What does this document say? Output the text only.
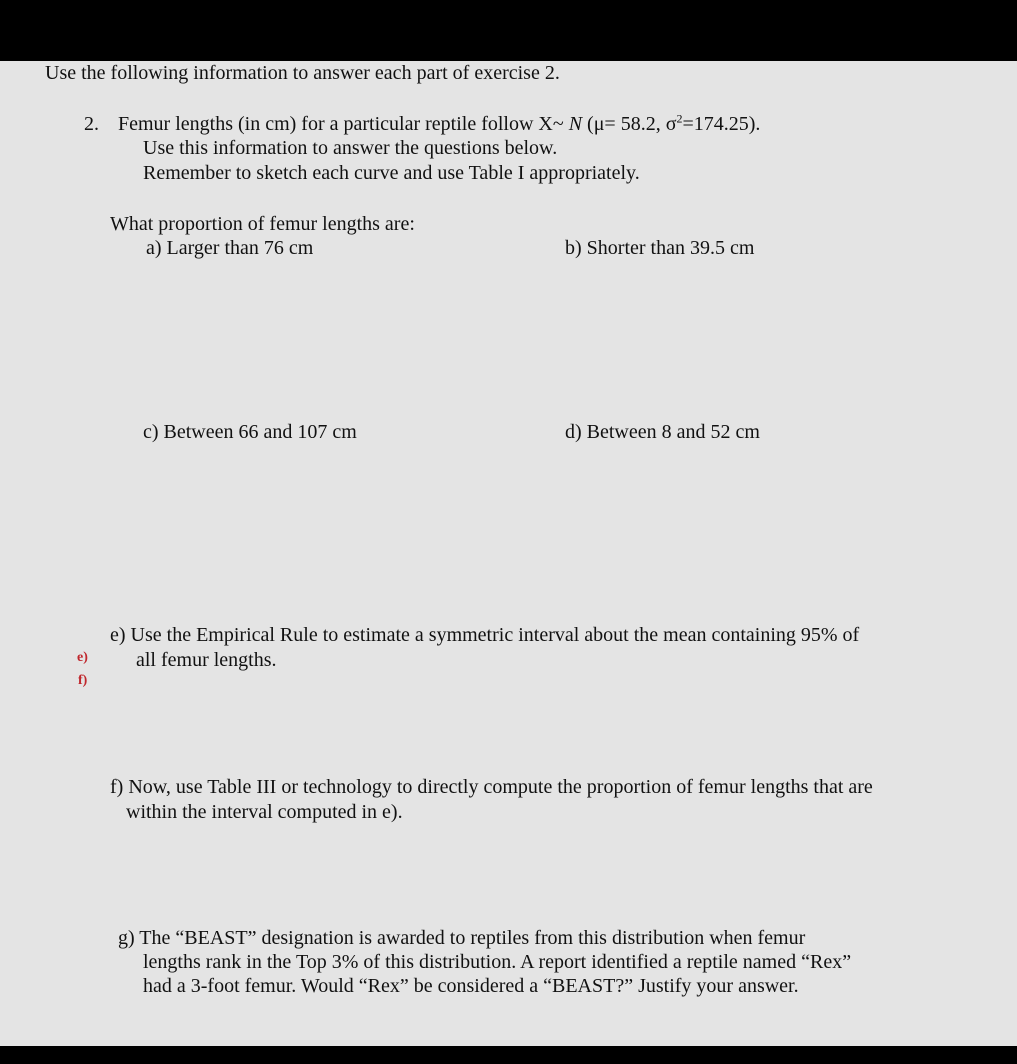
Use the following information to answer each part of exercise 2.

2. Femur lengths (in cm) for a particular reptile follow X~ N (μ= 58.2, $\sigma^2=174.25$).

Use this information to answer the questions below.

Remember to sketch each curve and use Table I appropriately.

What proportion of femur lengths are:

a) Larger than 76 cm	b) Shorter than 39.5 cm

c) Between 66 and 107 cm	d) Between 8 and 52 cm

e) Use the Empirical Rule to estimate a symmetric interval about the mean containing 95% of

all femur lengths.

e)
f)

f) Now, use Table III or technology to directly compute the proportion of femur lengths that are

within the interval computed in e).

g) The “BEAST” designation is awarded to reptiles from this distribution when femur

lengths rank in the Top 3% of this distribution. A report identified a reptile named “Rex”

had a 3-foot femur. Would “Rex” be considered a “BEAST?” Justify your answer.
